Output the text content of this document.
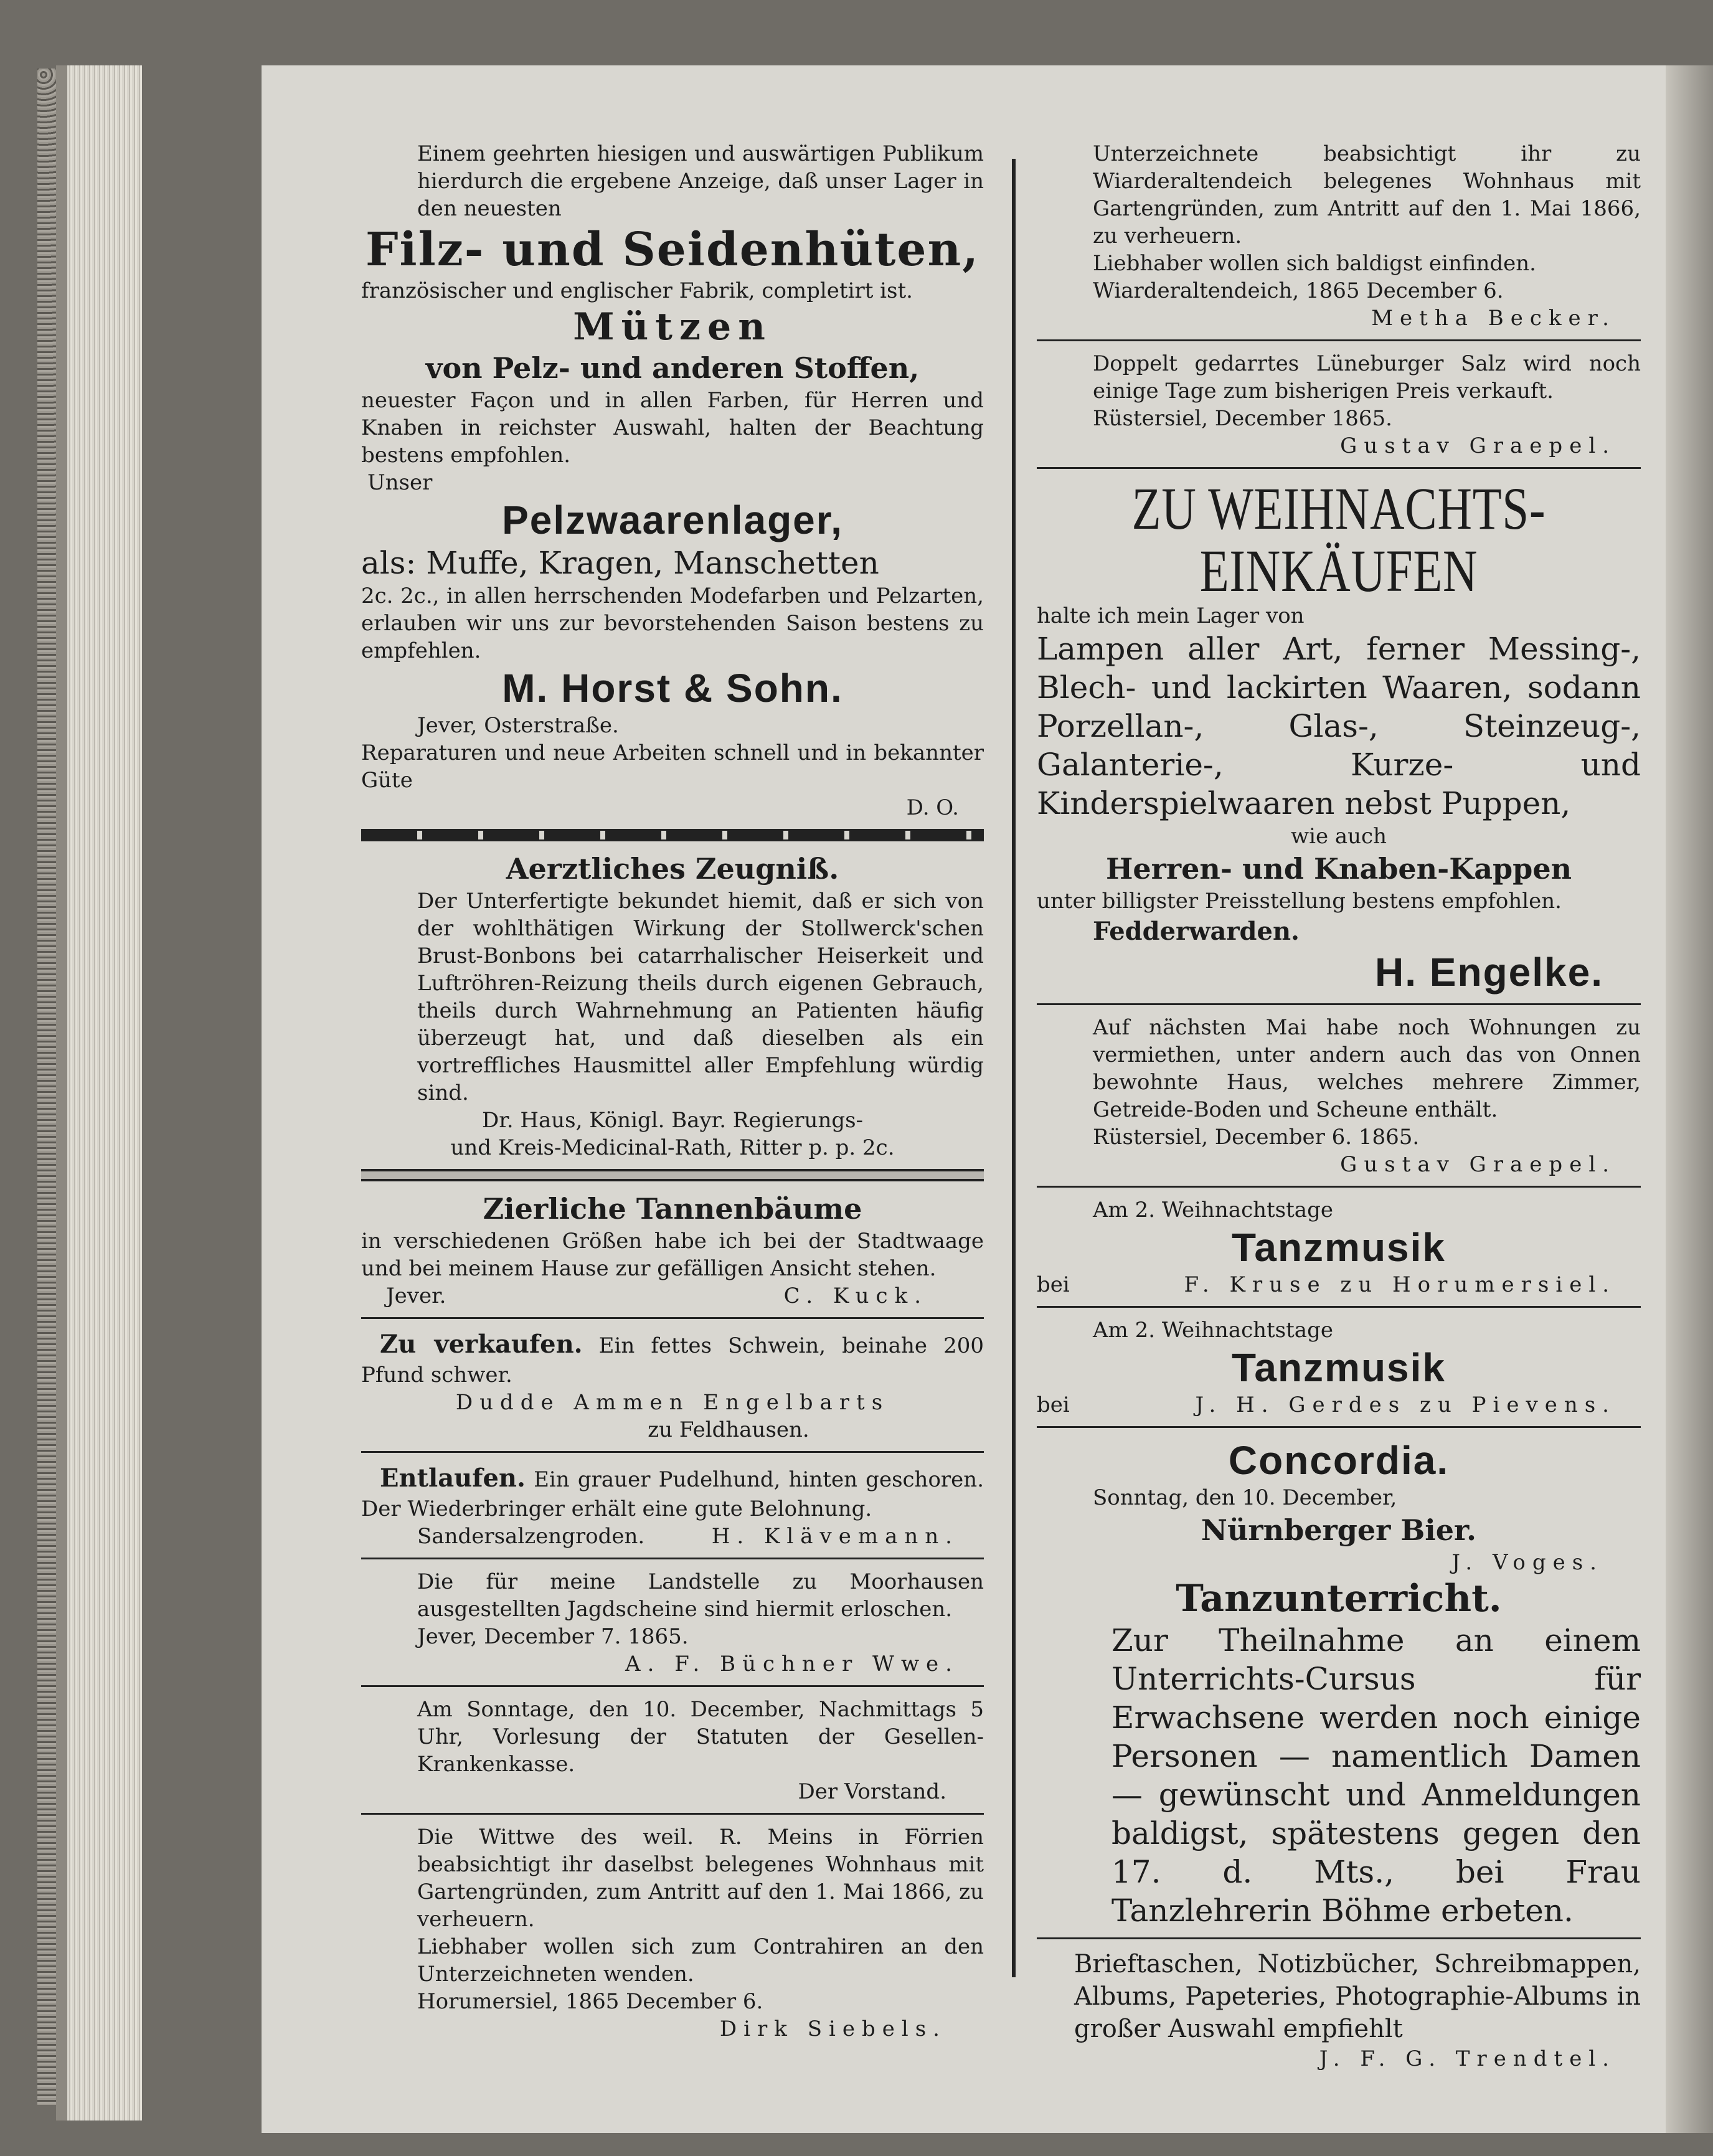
Einem geehrten hiesigen und auswärtigen Publikum hierdurch die ergebene Anzeige, daß unser Lager in den neuesten

Filz- und Seidenhüten,

französischer und englischer Fabrik, completirt ist.

Mützen

von Pelz- und anderen Stoffen,

neuester Façon und in allen Farben, für Herren und Knaben in reichster Auswahl, halten der Beachtung bestens empfohlen.

Unser

Pelzwaarenlager,

als: Muffe, Kragen, Manschetten

2c. 2c., in allen herrschenden Modefarben und Pelzarten, erlauben wir uns zur bevorstehenden Saison bestens zu empfehlen.

M. Horst & Sohn.

Jever, Osterstraße.

Reparaturen und neue Arbeiten schnell und in bekannter Güte

D. O.

Aerztliches Zeugniß.

Der Unterfertigte bekundet hiemit, daß er sich von der wohlthätigen Wirkung der Stollwerck'schen Brust-Bonbons bei catarrhalischer Heiserkeit und Luftröhren-Reizung theils durch eigenen Gebrauch, theils durch Wahrnehmung an Patienten häufig überzeugt hat, und daß dieselben als ein vortreffliches Hausmittel aller Empfehlung würdig sind.

Dr. Haus, Königl. Bayr. Regierungs-

und Kreis-Medicinal-Rath, Ritter p. p. 2c.

Zierliche Tannenbäume

in verschiedenen Größen habe ich bei der Stadtwaage und bei meinem Hause zur gefälligen Ansicht stehen.

Jever.	C. Kuck.

Zu verkaufen. Ein fettes Schwein, beinahe 200 Pfund schwer.

Dudde Ammen Engelbarts

zu Feldhausen.

Entlaufen. Ein grauer Pudelhund, hinten geschoren. Der Wiederbringer erhält eine gute Belohnung.

Sandersalzengroden.	H. Klävemann.

Die für meine Landstelle zu Moorhausen ausgestellten Jagdscheine sind hiermit erloschen.

Jever, December 7. 1865.

A. F. Büchner Wwe.

Am Sonntage, den 10. December, Nachmittags 5 Uhr, Vorlesung der Statuten der Gesellen-Krankenkasse.

Der Vorstand.

Die Wittwe des weil. R. Meins in Förrien beabsichtigt ihr daselbst belegenes Wohnhaus mit Gartengründen, zum Antritt auf den 1. Mai 1866, zu verheuern.

Liebhaber wollen sich zum Contrahiren an den Unterzeichneten wenden.

Horumersiel, 1865 December 6.

Dirk Siebels.

Unterzeichnete beabsichtigt ihr zu Wiarderaltendeich belegenes Wohnhaus mit Gartengründen, zum Antritt auf den 1. Mai 1866, zu verheuern.

Liebhaber wollen sich baldigst einfinden.

Wiarderaltendeich, 1865 December 6.

Metha Becker.

Doppelt gedarrtes Lüneburger Salz wird noch einige Tage zum bisherigen Preis verkauft.

Rüstersiel, December 1865.

Gustav Graepel.

ZU WEIHNACHTS-

EINKÄUFEN

halte ich mein Lager von

Lampen aller Art, ferner Messing-, Blech- und lackirten Waaren, sodann Porzellan-, Glas-, Steinzeug-, Galanterie-, Kurze- und Kinderspielwaaren nebst Puppen,

wie auch

Herren- und Knaben-Kappen

unter billigster Preisstellung bestens empfohlen.

Fedderwarden.

H. Engelke.

Auf nächsten Mai habe noch Wohnungen zu vermiethen, unter andern auch das von Onnen bewohnte Haus, welches mehrere Zimmer, Getreide-Boden und Scheune enthält.

Rüstersiel, December 6. 1865.

Gustav Graepel.

Am 2. Weihnachtstage

Tanzmusik

bei	F. Kruse zu Horumersiel.

Am 2. Weihnachtstage

Tanzmusik

bei	J. H. Gerdes zu Pievens.

Concordia.

Sonntag, den 10. December,

Nürnberger Bier.

J. Voges.

Tanzunterricht.

Zur Theilnahme an einem Unterrichts-Cursus für Erwachsene werden noch einige Personen — namentlich Damen — gewünscht und Anmeldungen baldigst, spätestens gegen den 17. d. Mts., bei Frau Tanzlehrerin Böhme erbeten.

Brieftaschen, Notizbücher, Schreibmappen, Albums, Papeteries, Photographie-Albums in großer Auswahl empfiehlt

J. F. G. Trendtel.
